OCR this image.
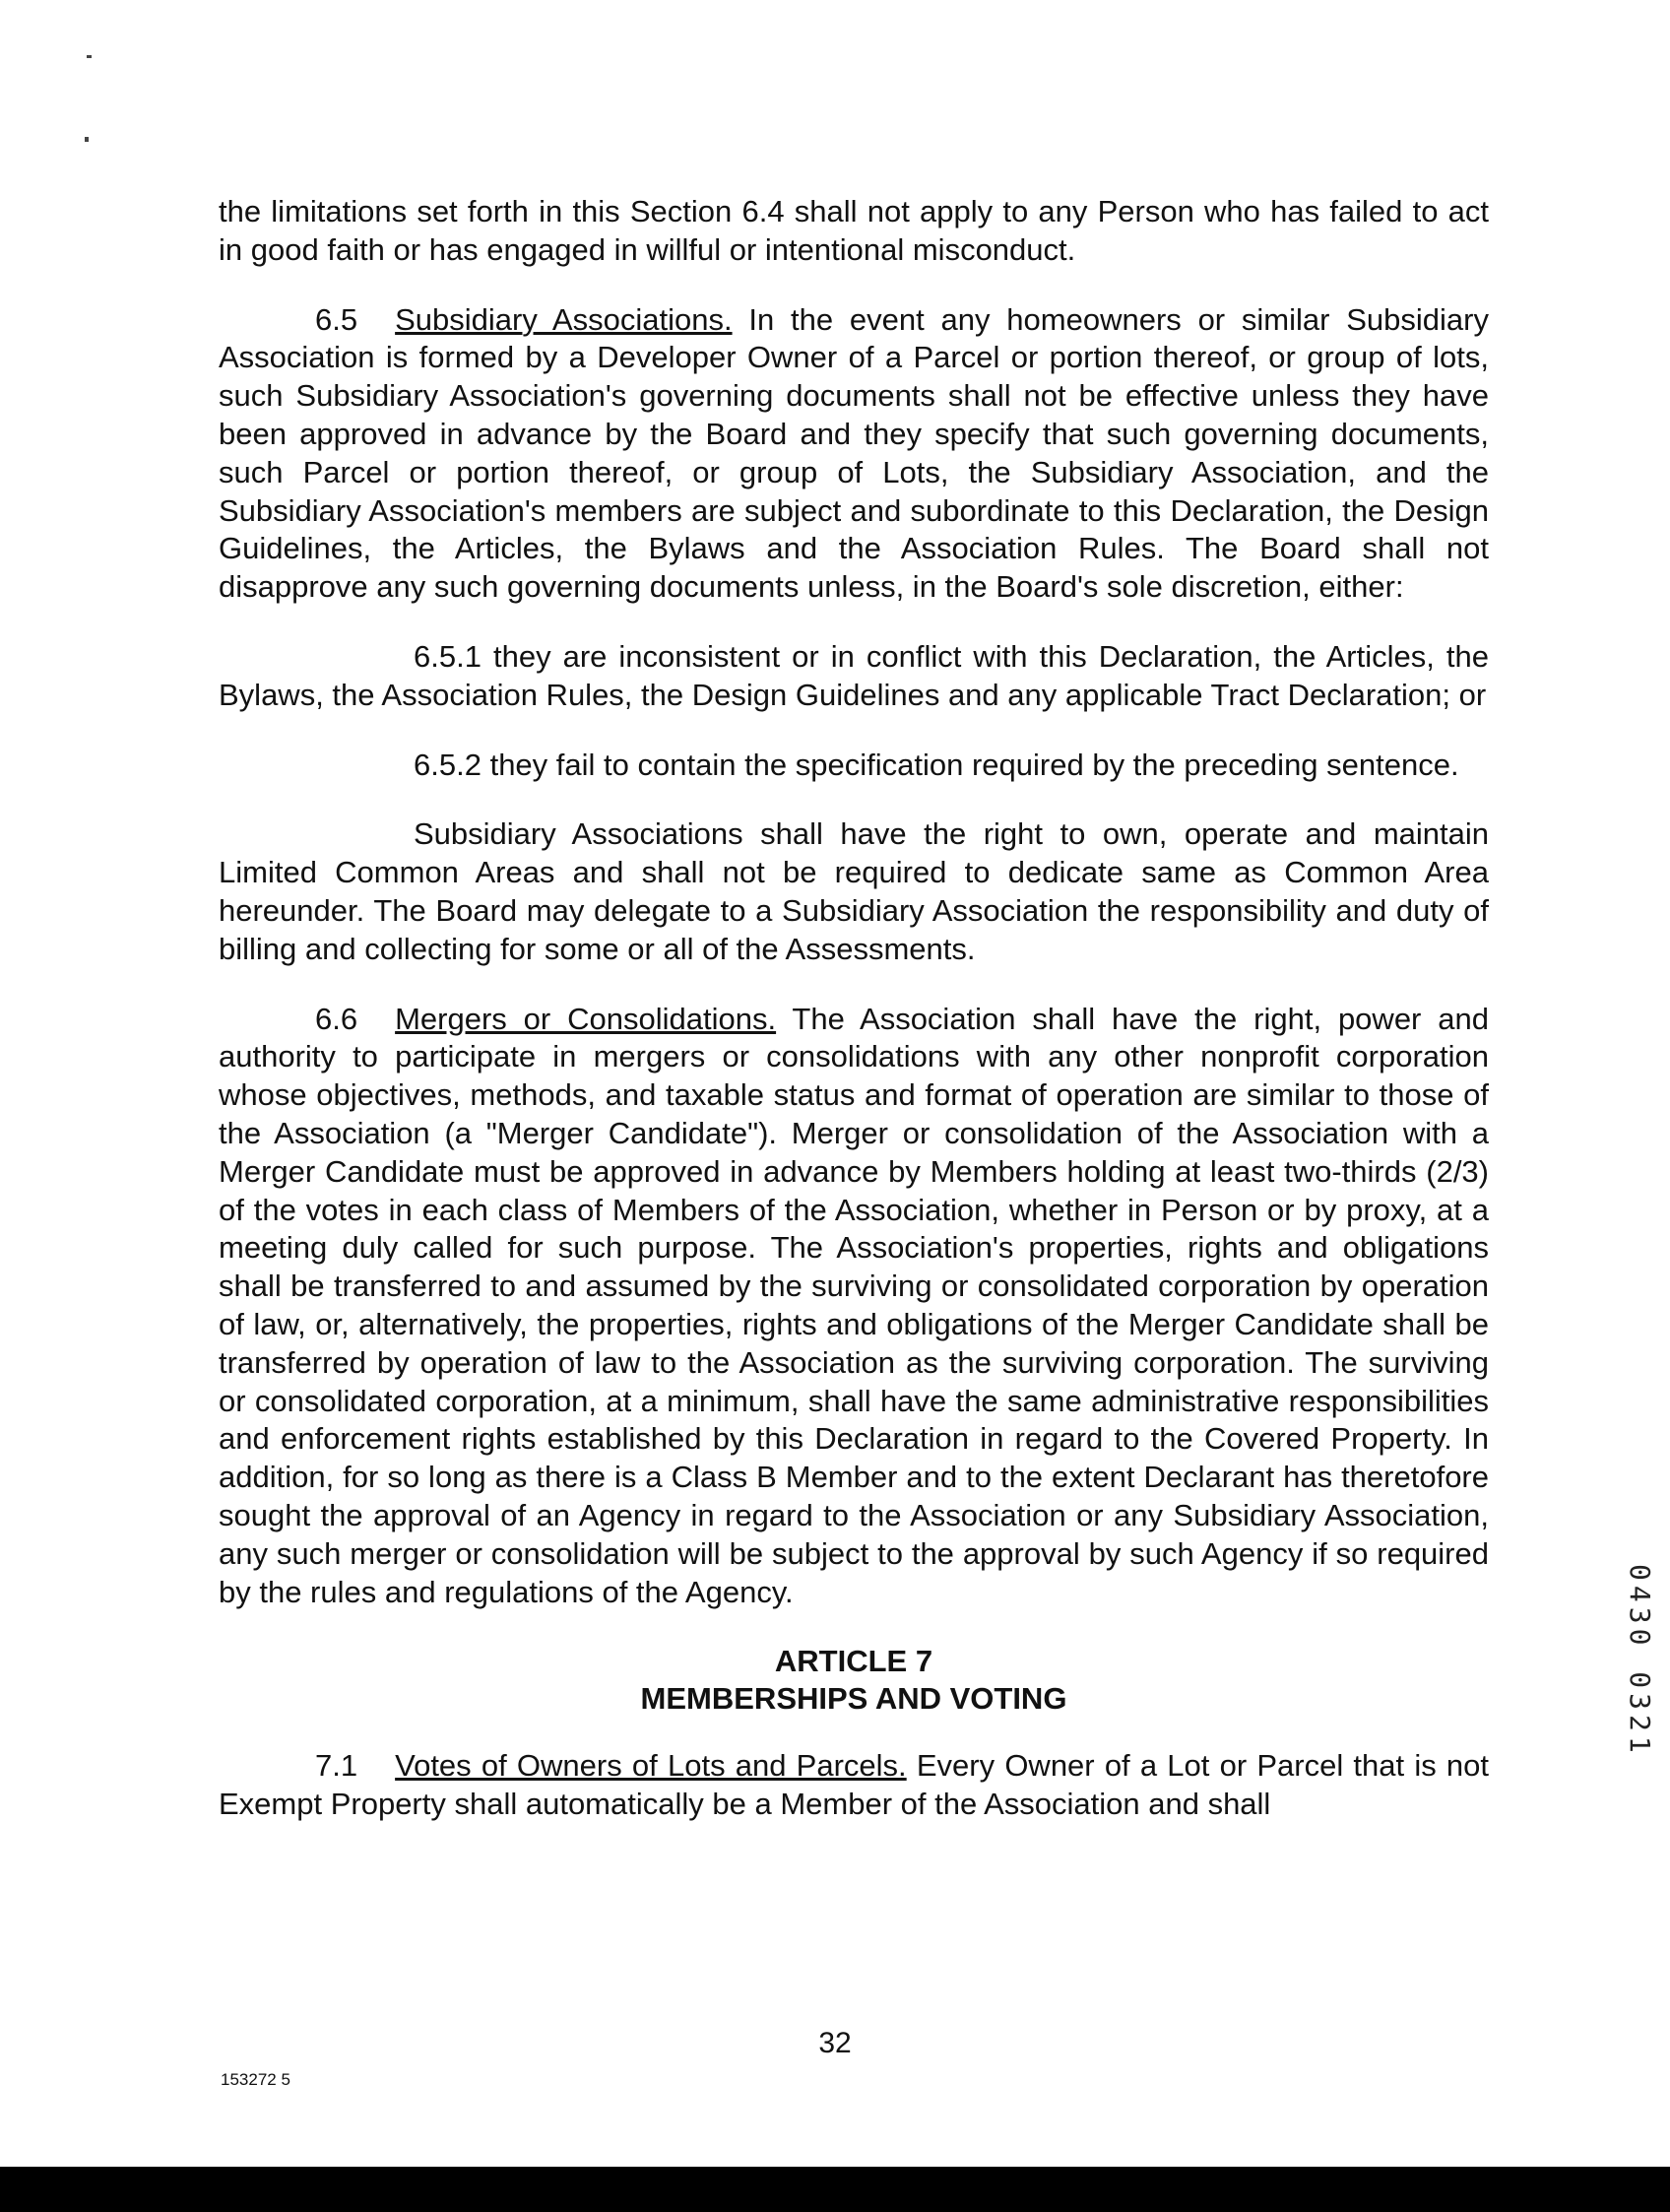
the limitations set forth in this Section 6.4 shall not apply to any Person who has failed to act in good faith or has engaged in willful or intentional misconduct.

6.5 Subsidiary Associations. In the event any homeowners or similar Subsidiary Association is formed by a Developer Owner of a Parcel or portion thereof, or group of lots, such Subsidiary Association's governing documents shall not be effective unless they have been approved in advance by the Board and they specify that such governing documents, such Parcel or portion thereof, or group of Lots, the Subsidiary Association, and the Subsidiary Association's members are subject and subordinate to this Declaration, the Design Guidelines, the Articles, the Bylaws and the Association Rules. The Board shall not disapprove any such governing documents unless, in the Board's sole discretion, either:

6.5.1 they are inconsistent or in conflict with this Declaration, the Articles, the Bylaws, the Association Rules, the Design Guidelines and any applicable Tract Declaration; or

6.5.2 they fail to contain the specification required by the preceding sentence.

Subsidiary Associations shall have the right to own, operate and maintain Limited Common Areas and shall not be required to dedicate same as Common Area hereunder. The Board may delegate to a Subsidiary Association the responsibility and duty of billing and collecting for some or all of the Assessments.

6.6 Mergers or Consolidations. The Association shall have the right, power and authority to participate in mergers or consolidations with any other nonprofit corporation whose objectives, methods, and taxable status and format of operation are similar to those of the Association (a "Merger Candidate"). Merger or consolidation of the Association with a Merger Candidate must be approved in advance by Members holding at least two-thirds (2/3) of the votes in each class of Members of the Association, whether in Person or by proxy, at a meeting duly called for such purpose. The Association's properties, rights and obligations shall be transferred to and assumed by the surviving or consolidated corporation by operation of law, or, alternatively, the properties, rights and obligations of the Merger Candidate shall be transferred by operation of law to the Association as the surviving corporation. The surviving or consolidated corporation, at a minimum, shall have the same administrative responsibilities and enforcement rights established by this Declaration in regard to the Covered Property. In addition, for so long as there is a Class B Member and to the extent Declarant has theretofore sought the approval of an Agency in regard to the Association or any Subsidiary Association, any such merger or consolidation will be subject to the approval by such Agency if so required by the rules and regulations of the Agency.

ARTICLE 7
MEMBERSHIPS AND VOTING

7.1 Votes of Owners of Lots and Parcels. Every Owner of a Lot or Parcel that is not Exempt Property shall automatically be a Member of the Association and shall

32
153272 5
0430 0321
